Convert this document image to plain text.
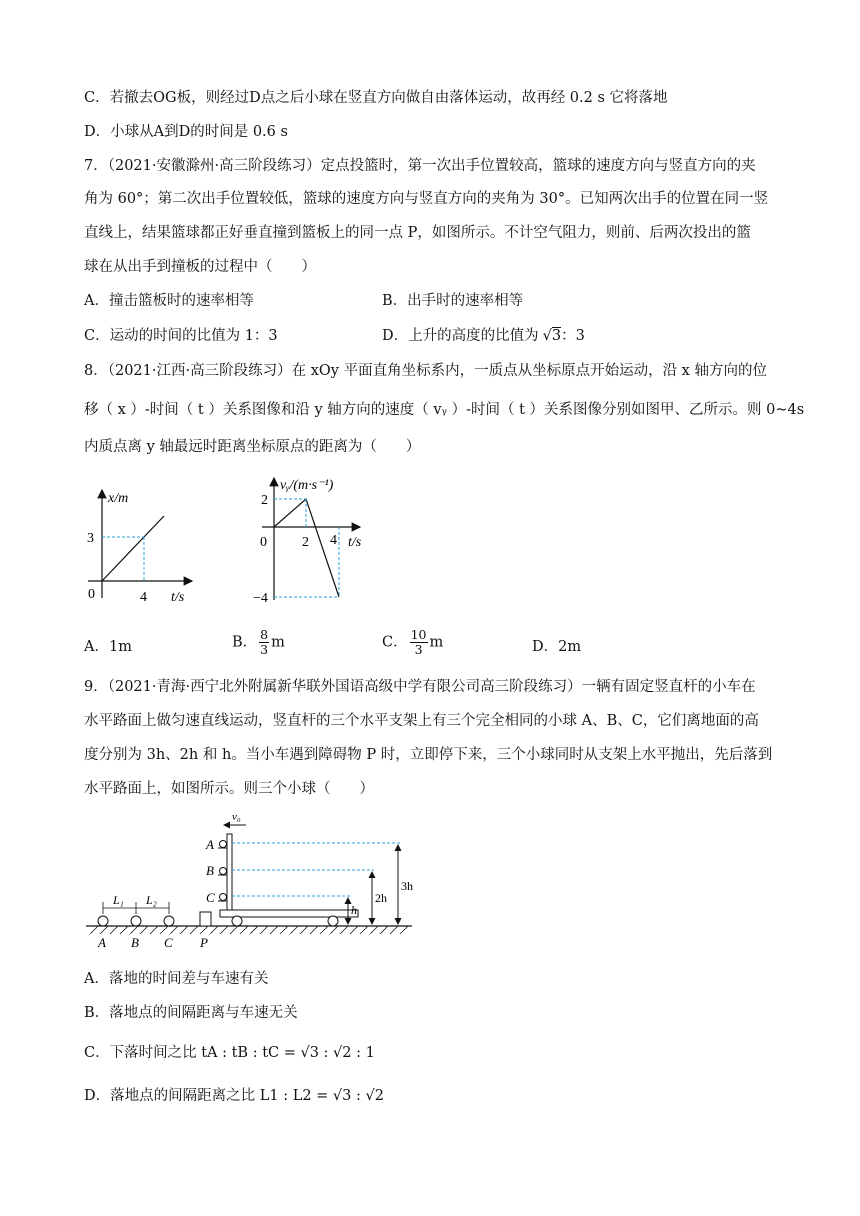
C．若撤去OG板，则经过D点之后小球在竖直方向做自由落体运动，故再经 0.2 s 它将落地
D．小球从A到D的时间是 0.6 s
7．（2021·安徽滁州·高三阶段练习）定点投篮时，第一次出手位置较高，篮球的速度方向与竖直方向的夹
角为 60°；第二次出手位置较低，篮球的速度方向与竖直方向的夹角为 30°。已知两次出手的位置在同一竖
直线上，结果篮球都正好垂直撞到篮板上的同一点 P，如图所示。不计空气阻力，则前、后两次投出的篮
球在从出手到撞板的过程中（　　）
A．撞击篮板时的速率相等	B．出手时的速率相等
C．运动的时间的比值为 1：3	D．上升的高度的比值为 √3：3
8．（2021·江西·高三阶段练习）在 xOy 平面直角坐标系内，一质点从坐标原点开始运动，沿 x 轴方向的位
移（ x ）-时间（ t ）关系图像和沿 y 轴方向的速度（ vᵧ ）-时间（ t ）关系图像分别如图甲、乙所示。则 0~4s
内质点离 y 轴最远时距离坐标原点的距离为（　　）
x/m
3
0	4 t/s
vᵧ/(m·s⁻¹)
2
0	2 4 t/s
−4
A．1m	B． $\frac{8}{3}$ m	C． $\frac{10}{3}$ m	D．2m
9．（2021·青海·西宁北外附属新华联外国语高级中学有限公司高三阶段练习）一辆有固定竖直杆的小车在
水平路面上做匀速直线运动，竖直杆的三个水平支架上有三个完全相同的小球 A、B、C，它们离地面的高
度分别为 3h、2h 和 h。当小车遇到障碍物 P 时，立即停下来，三个小球同时从支架上水平抛出，先后落到
水平路面上，如图所示。则三个小球（　　）
L₁ L₂
A B C P
v₀
A
B
C
h
2h
3h
A．落地的时间差与车速有关
B．落地点的间隔距离与车速无关
C．下落时间之比 tA : tB : tC = √3 : √2 : 1
D．落地点的间隔距离之比 L1 : L2 = √3 : √2
